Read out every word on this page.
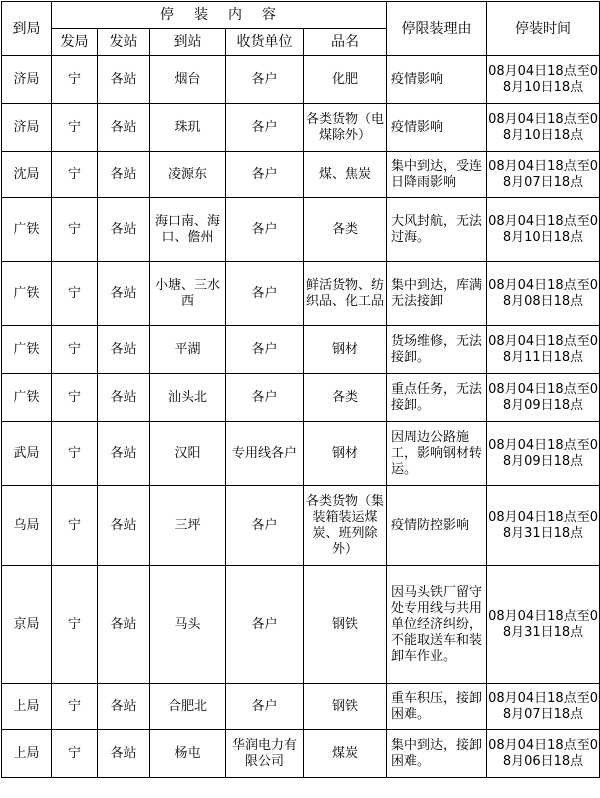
到局	停装内容					停限装理由	停装时间
	发局	发站	到站	收货单位	品名		
济局	宁	各站	烟台	各户	化肥	疫情影响	08月04日18点至08月10日18点
济局	宁	各站	珠玑	各户	各类货物（电煤除外）	疫情影响	08月04日18点至08月10日18点
沈局	宁	各站	凌源东	各户	煤、焦炭	集中到达，受连日降雨影响	08月04日18点至08月07日18点
广铁	宁	各站	海口南、海口、儋州	各户	各类	大风封航，无法过海。	08月04日18点至08月10日18点
广铁	宁	各站	小塘、三水西	各户	鲜活货物、纺织品、化工品	集中到达，库满无法接卸	08月04日18点至08月08日18点
广铁	宁	各站	平湖	各户	钢材	货场维修，无法接卸。	08月04日18点至08月11日18点
广铁	宁	各站	汕头北	各户	各类	重点任务，无法接卸。	08月04日18点至08月09日18点
武局	宁	各站	汉阳	专用线各户	钢材	因周边公路施工，影响钢材转运。	08月04日18点至08月09日18点
乌局	宁	各站	三坪	各户	各类货物（集装箱装运煤炭、班列除外）	疫情防控影响	08月04日18点至08月31日18点
京局	宁	各站	马头	各户	钢铁	因马头铁厂留守处专用线与共用单位经济纠纷，不能取送车和装卸车作业。	08月04日18点至08月31日18点
上局	宁	各站	合肥北	各户	钢铁	重车积压，接卸困难。	08月04日18点至08月07日18点
上局	宁	各站	杨屯	华润电力有限公司	煤炭	集中到达，接卸困难。	08月04日18点至08月06日18点
